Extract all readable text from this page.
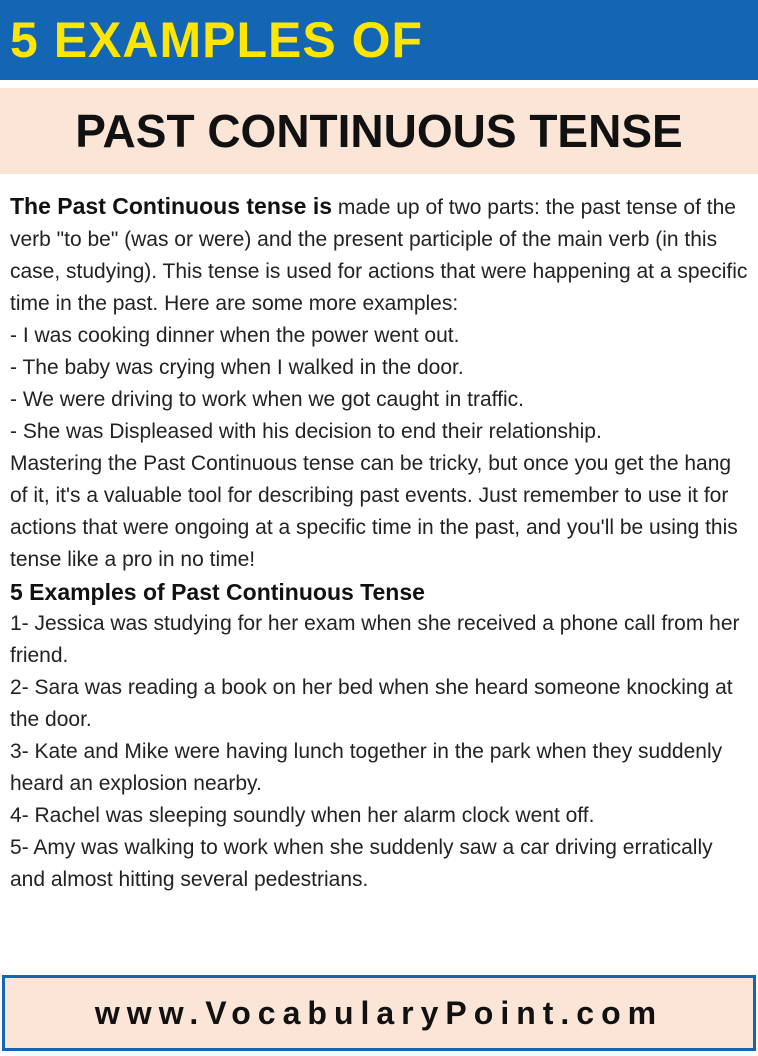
5 EXAMPLES OF
PAST CONTINUOUS TENSE

The Past Continuous tense is made up of two parts: the past tense of the verb "to be" (was or were) and the present participle of the main verb (in this case, studying). This tense is used for actions that were happening at a specific time in the past. Here are some more examples:

- I was cooking dinner when the power went out.

- The baby was crying when I walked in the door.

- We were driving to work when we got caught in traffic.

- She was Displeased with his decision to end their relationship.

Mastering the Past Continuous tense can be tricky, but once you get the hang of it, it's a valuable tool for describing past events. Just remember to use it for actions that were ongoing at a specific time in the past, and you'll be using this tense like a pro in no time!

5 Examples of Past Continuous Tense

1- Jessica was studying for her exam when she received a phone call from her friend.

2- Sara was reading a book on her bed when she heard someone knocking at the door.

3- Kate and Mike were having lunch together in the park when they suddenly heard an explosion nearby.

4- Rachel was sleeping soundly when her alarm clock went off.

5- Amy was walking to work when she suddenly saw a car driving erratically and almost hitting several pedestrians.

www.VocabularyPoint.com
